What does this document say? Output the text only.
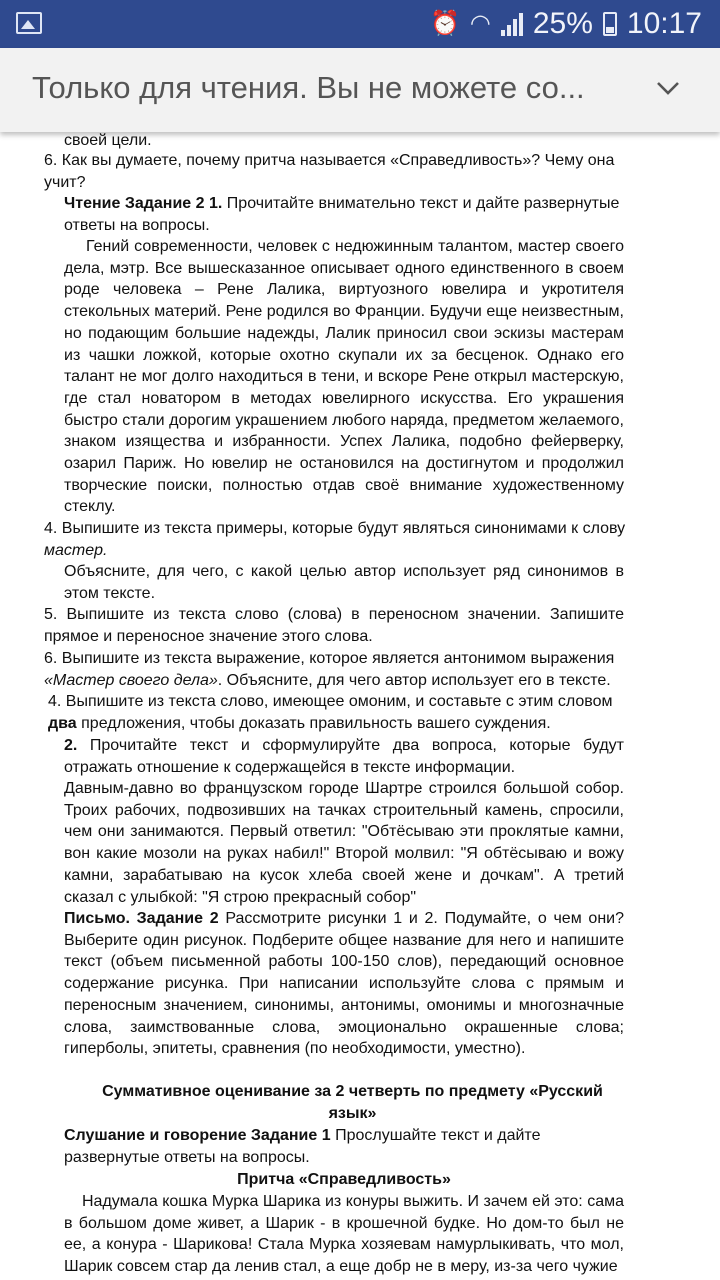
⏰ ◠ 25% 10:17
Только для чтения. Вы не можете со...

своей цели.

6. Как вы думаете, почему притча называется «Справедливость»? Чему она учит?

Чтение Задание 2 1. Прочитайте внимательно текст и дайте развернутые ответы на вопросы.

Гений современности, человек с недюжинным талантом, мастер своего дела, мэтр. Все вышесказанное описывает одного единственного в своем роде человека – Рене Лалика, виртуозного ювелира и укротителя стекольных материй. Рене родился во Франции. Будучи еще неизвестным, но подающим большие надежды, Лалик приносил свои эскизы мастерам из чашки ложкой, которые охотно скупали их за бесценок. Однако его талант не мог долго находиться в тени, и вскоре Рене открыл мастерскую, где стал новатором в методах ювелирного искусства. Его украшения быстро стали дорогим украшением любого наряда, предметом желаемого, знаком изящества и избранности. Успех Лалика, подобно фейерверку, озарил Париж. Но ювелир не остановился на достигнутом и продолжил творческие поиски, полностью отдав своё внимание художественному стеклу.

4. Выпишите из текста примеры, которые будут являться синонимами к слову мастер.

Объясните, для чего, с какой целью автор использует ряд синонимов в этом тексте.

5. Выпишите из текста слово (слова) в переносном значении. Запишите прямое и переносное значение этого слова.

6. Выпишите из текста выражение, которое является антонимом выражения «Мастер своего дела». Объясните, для чего автор использует его в тексте.

4. Выпишите из текста слово, имеющее омоним, и составьте с этим словом два предложения, чтобы доказать правильность вашего суждения.

2. Прочитайте текст и сформулируйте два вопроса, которые будут отражать отношение к содержащейся в тексте информации.

Давным-давно во французском городе Шартре строился большой собор. Троих рабочих, подвозивших на тачках строительный камень, спросили, чем они занимаются. Первый ответил: "Обтёсываю эти проклятые камни, вон какие мозоли на руках набил!" Второй молвил: "Я обтёсываю и вожу камни, зарабатываю на кусок хлеба своей жене и дочкам". А третий сказал с улыбкой: "Я строю прекрасный собор"

Письмо. Задание 2 Рассмотрите рисунки 1 и 2. Подумайте, о чем они? Выберите один рисунок. Подберите общее название для него и напишите текст (объем письменной работы 100-150 слов), передающий основное содержание рисунка. При написании используйте слова с прямым и переносным значением, синонимы, антонимы, омонимы и многозначные слова, заимствованные слова, эмоционально окрашенные слова; гиперболы, эпитеты, сравнения (по необходимости, уместно).

Суммативное оценивание за 2 четверть по предмету «Русский язык»

Слушание и говорение Задание 1 Прослушайте текст и дайте развернутые ответы на вопросы.

Притча «Справедливость»

Надумала кошка Мурка Шарика из конуры выжить. И зачем ей это: сама в большом доме живет, а Шарик - в крошечной будке. Но дом-то был не ее, а конура - Шарикова! Стала Мурка хозяевам намурлыкивать, что мол, Шарик совсем стар да ленив стал, а еще добр не в меру, из-за чего чужие
